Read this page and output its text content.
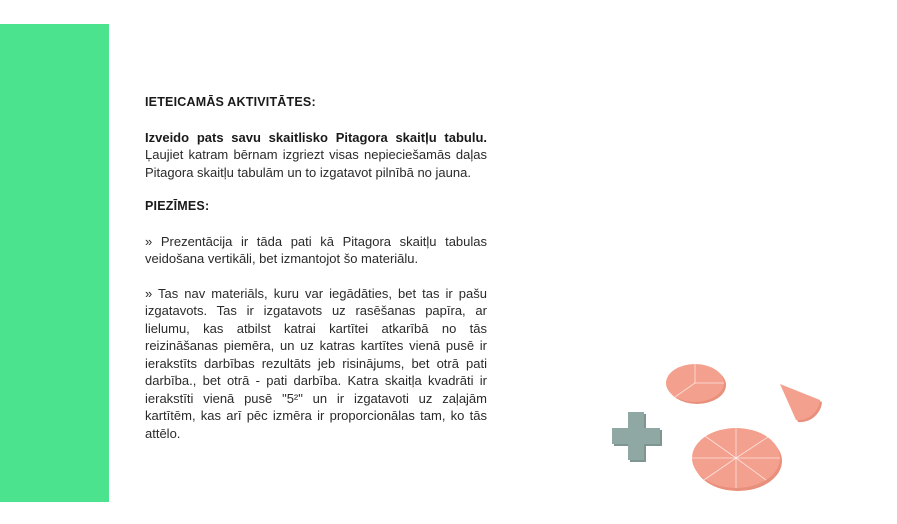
IETEICAMĀS AKTIVITĀTES:

Izveido pats savu skaitlisko Pitagora skaitļu tabulu. Ļaujiet katram bērnam izgriezt visas nepieciešamās daļas Pitagora skaitļu tabulām un to izgatavot pilnībā no jauna.

PIEZĪMES:

» Prezentācija ir tāda pati kā Pitagora skaitļu tabulas veidošana vertikāli, bet izmantojot šo materiālu.

» Tas nav materiāls, kuru var iegādāties, bet tas ir pašu izgatavots. Tas ir izgatavots uz rasēšanas papīra, ar lielumu, kas atbilst katrai kartītei atkarībā no tās reizināšanas piemēra, un uz katras kartītes vienā pusē ir ierakstīts darbības rezultāts jeb risinājums, bet otrā pati darbība., bet otrā - pati darbība. Katra skaitļa kvadrāti ir ierakstīti vienā pusē "5²" un ir izgatavoti uz zaļajām kartītēm, kas arī pēc izmēra ir proporcionālas tam, ko tās attēlo.
